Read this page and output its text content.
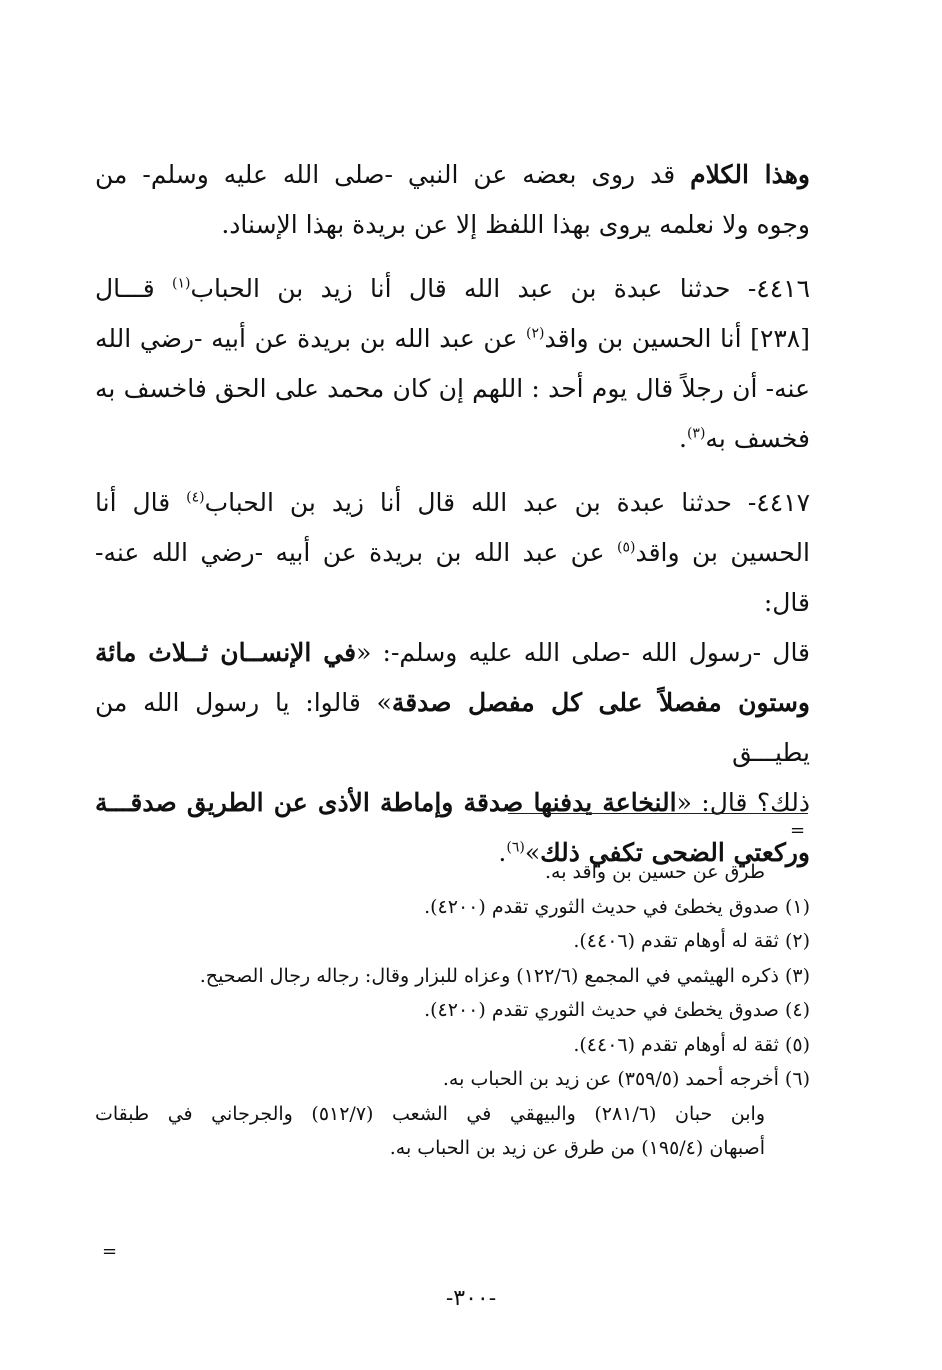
وهذا الكلام قد روى بعضه عن النبي -صلى الله عليه وسلم- من
وجوه ولا نعلمه يروى بهذا اللفظ إلا عن بريدة بهذا الإسناد.

٤٤١٦- حدثنا عبدة بن عبد الله قال أنا زيد بن الحباب$^{(١)}$ قـــال
[٢٣٨] أنا الحسين بن واقد$^{(٢)}$ عن عبد الله بن بريدة عن أبيه -رضي الله
عنه- أن رجلاً قال يوم أحد : اللهم إن كان محمد على الحق فاخسف به
فخسف به$^{(٣)}$.

٤٤١٧- حدثنا عبدة بن عبد الله قال أنا زيد بن الحباب$^{(٤)}$ قال أنا
الحسين بن واقد$^{(٥)}$ عن عبد الله بن بريدة عن أبيه -رضي الله عنه- قال:
قال -رسول الله -صلى الله عليه وسلم-: «في الإنســان ثــلاث مائة
وستون مفصلاً على كل مفصل صدقة» قالوا: يا رسول الله من يطيـــق
ذلك؟ قال: «النخاعة يدفنها صدقة وإماطة الأذى عن الطريق صدقـــة
وركعتي الضحى تكفي ذلك»$^{(٦)}$.

=

طرق عن حسين بن واقد به.

(١) صدوق يخطئ في حديث الثوري تقدم (٤٢٠٠).

(٢) ثقة له أوهام تقدم (٤٤٠٦).

(٣) ذكره الهيثمي في المجمع (١٢٢/٦) وعزاه للبزار وقال: رجاله رجال الصحيح.

(٤) صدوق يخطئ في حديث الثوري تقدم (٤٢٠٠).

(٥) ثقة له أوهام تقدم (٤٤٠٦).

(٦) أخرجه أحمد (٣٥٩/٥) عن زيد بن الحباب به.

وابن حبان (٢٨١/٦) والبيهقي في الشعب (٥١٢/٧) والجرجاني في طبقات

أصبهان (١٩٥/٤) من طرق عن زيد بن الحباب به.

=
-٣٠٠-
